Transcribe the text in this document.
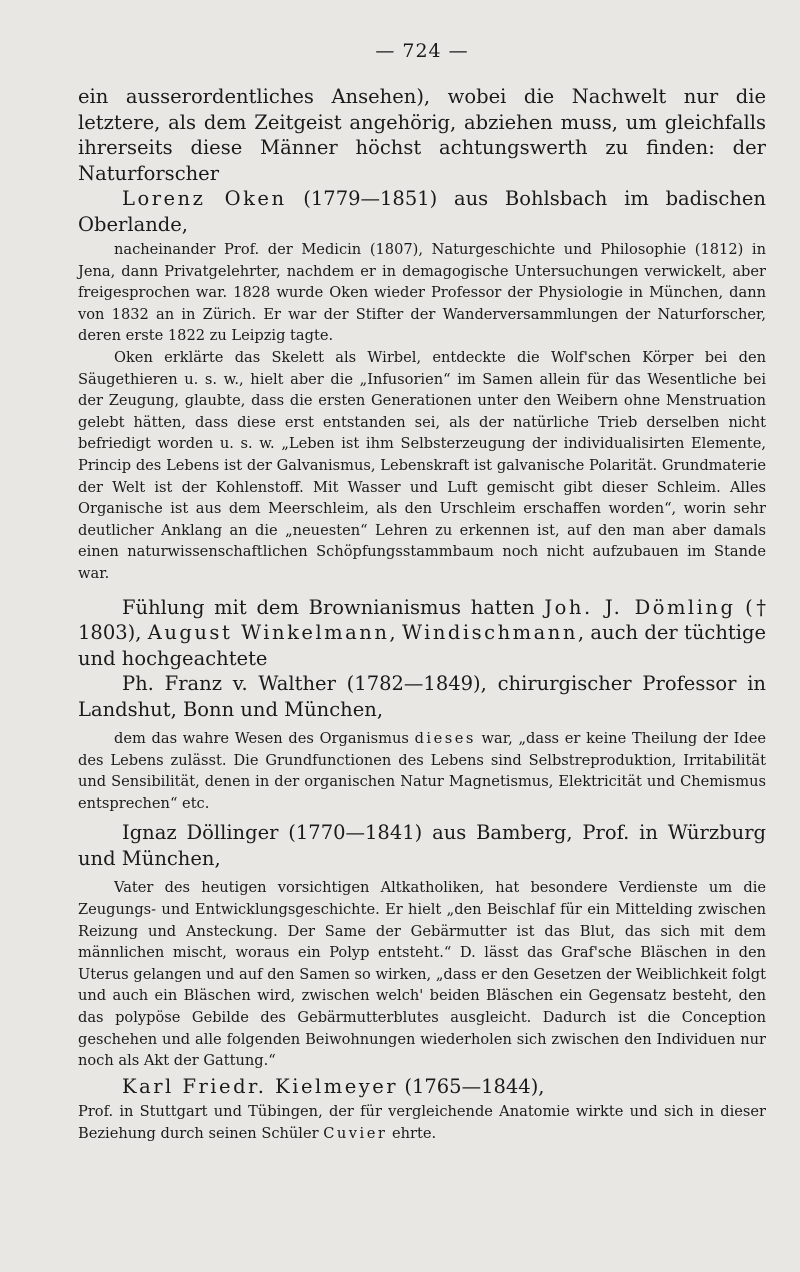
— 724 —

ein ausserordentliches Ansehen), wobei die Nachwelt nur die letztere, als dem Zeitgeist angehörig, abziehen muss, um gleichfalls ihrerseits diese Männer höchst achtungswerth zu finden: der Naturforscher

Lorenz Oken (1779—1851) aus Bohlsbach im badischen Oberlande,

nacheinander Prof. der Medicin (1807), Naturgeschichte und Philosophie (1812) in Jena, dann Privatgelehrter, nachdem er in demagogische Untersuchungen verwickelt, aber freigesprochen war. 1828 wurde Oken wieder Professor der Physiologie in München, dann von 1832 an in Zürich. Er war der Stifter der Wanderversammlungen der Naturforscher, deren erste 1822 zu Leipzig tagte.

Oken erklärte das Skelett als Wirbel, entdeckte die Wolf'schen Körper bei den Säugethieren u. s. w., hielt aber die „Infusorien“ im Samen allein für das Wesentliche bei der Zeugung, glaubte, dass die ersten Generationen unter den Weibern ohne Menstruation gelebt hätten, dass diese erst entstanden sei, als der natürliche Trieb derselben nicht befriedigt worden u. s. w. „Leben ist ihm Selbsterzeugung der individualisirten Elemente, Princip des Lebens ist der Galvanismus, Lebenskraft ist galvanische Polarität. Grundmaterie der Welt ist der Kohlenstoff. Mit Wasser und Luft gemischt gibt dieser Schleim. Alles Organische ist aus dem Meerschleim, als den Urschleim erschaffen worden“, worin sehr deutlicher Anklang an die „neuesten“ Lehren zu erkennen ist, auf den man aber damals einen naturwissenschaftlichen Schöpfungsstammbaum noch nicht aufzubauen im Stande war.

Fühlung mit dem Brownianismus hatten Joh. J. Dömling († 1803), August Winkelmann, Windischmann, auch der tüchtige und hochgeachtete

Ph. Franz v. Walther (1782—1849), chirurgischer Professor in Landshut, Bonn und München,

dem das wahre Wesen des Organismus dieses war, „dass er keine Theilung der Idee des Lebens zulässt. Die Grundfunctionen des Lebens sind Selbstreproduktion, Irritabilität und Sensibilität, denen in der organischen Natur Magnetismus, Elektricität und Chemismus entsprechen“ etc.

Ignaz Döllinger (1770—1841) aus Bamberg, Prof. in Würzburg und München,

Vater des heutigen vorsichtigen Altkatholiken, hat besondere Verdienste um die Zeugungs- und Entwicklungsgeschichte. Er hielt „den Beischlaf für ein Mittelding zwischen Reizung und Ansteckung. Der Same der Gebärmutter ist das Blut, das sich mit dem männlichen mischt, woraus ein Polyp entsteht.“ D. lässt das Graf'sche Bläschen in den Uterus gelangen und auf den Samen so wirken, „dass er den Gesetzen der Weiblichkeit folgt und auch ein Bläschen wird, zwischen welch' beiden Bläschen ein Gegensatz besteht, den das polypöse Gebilde des Gebärmutterblutes ausgleicht. Dadurch ist die Conception geschehen und alle folgenden Beiwohnungen wiederholen sich zwischen den Individuen nur noch als Akt der Gattung.“

Karl Friedr. Kielmeyer (1765—1844),

Prof. in Stuttgart und Tübingen, der für vergleichende Anatomie wirkte und sich in dieser Beziehung durch seinen Schüler Cuvier ehrte.
